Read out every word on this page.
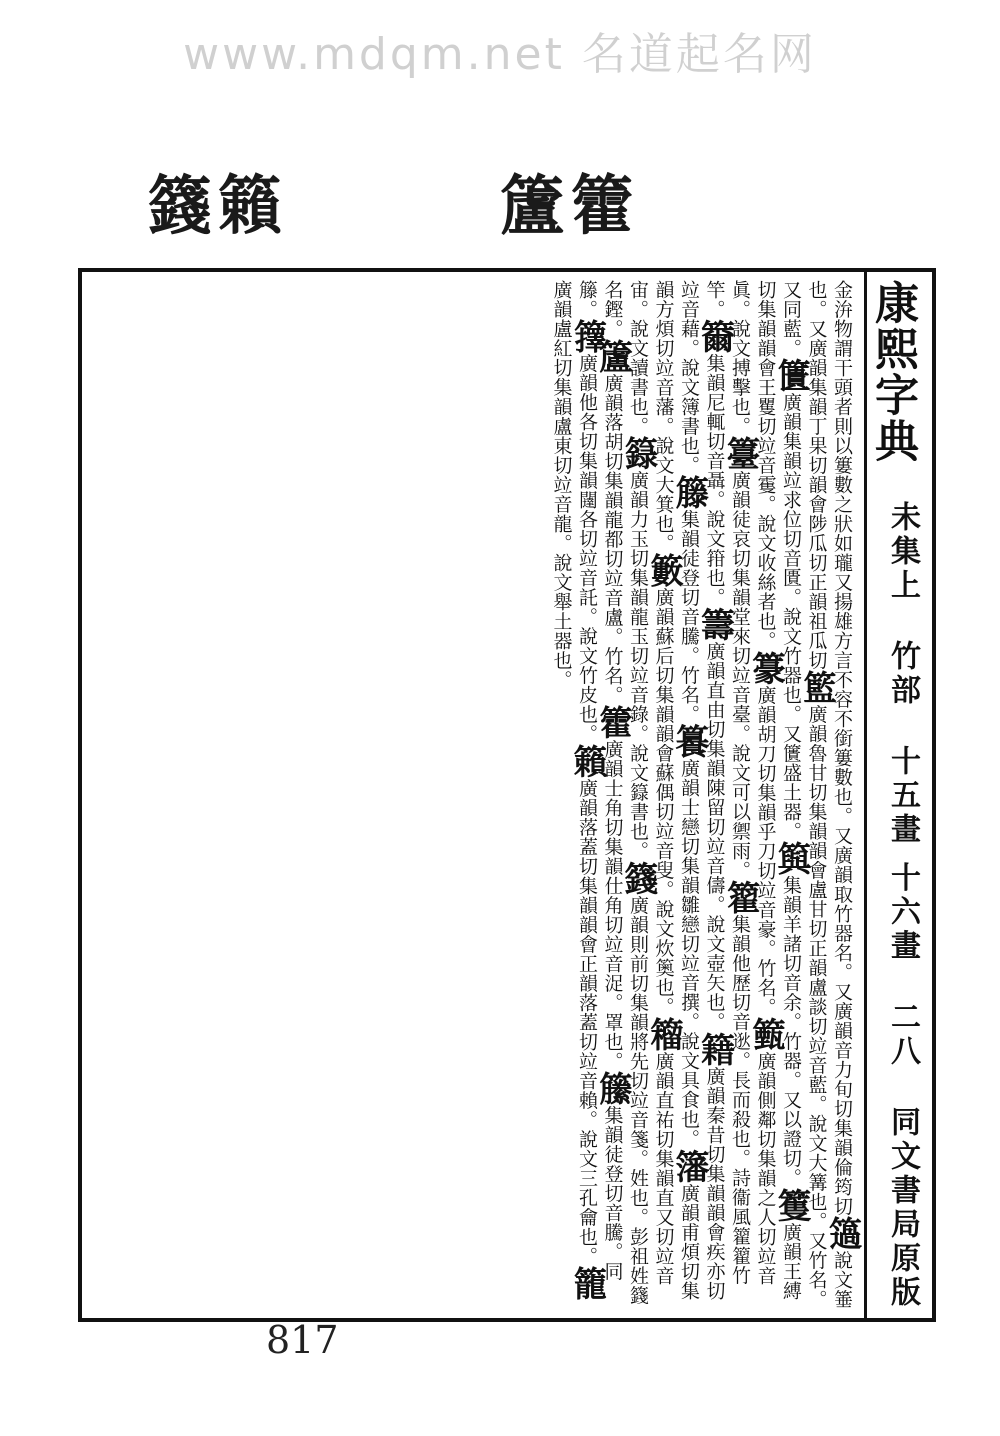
www.mdqm.net 名道起名网
籛 籟	籚 籗
康熙字典
未集上
竹部
十五畫 十六畫
二八
同文書局原版
金㳎物謂干頭者則以簍數之狀如瓏又揚雄方言不容不銜簍數也。又廣韻取竹器名。又廣韻音力旬切集韻倫筠切簻說文箠也。又廣韻集韻丁果切韻會陟瓜切正韻祖瓜切籃廣韻魯甘切集韻韻會盧甘切正韻盧談切竝音藍。說文大篝也。又竹名。又同藍。籄廣韻集韻竝求位切音匱。說文竹器也。又籄盛土器。籅集韻羊諸切音余。竹器。又以證切。籆廣韻王縛切集韻韻會王矍切竝音䨥。說文收絲者也。籇廣韻胡刀切集韻乎刀切竝音豪。竹名。籈廣韻側鄰切集韻之人切竝音眞。說文搏擊也。籉廣韻徒哀切集韻堂來切竝音臺。說文可以禦雨。籊集韻他歷切音逖。長而殺也。詩衞風籊籊竹竿。籋集韻尼輒切音聶。說文箝也。籌廣韻直由切集韻陳留切竝音儔。說文壺矢也。籍廣韻秦昔切集韻韻會疾亦切竝音藉。說文簿書也。籐集韻徒登切音騰。竹名。籑廣韻士戀切集韻雛戀切竝音撰。說文具食也。籓廣韻甫煩切集韻方煩切竝音藩。說文大箕也。籔廣韻蘇后切集韻韻會蘇偶切竝音叟。說文炊䉛也。籕廣韻直祐切集韻直又切竝音宙。說文讀書也。籙廣韻力玉切集韻龍玉切竝音錄。說文籙書也。籛廣韻則前切集韻將先切竝音箋。姓也。彭祖姓籛名鏗。籚廣韻落胡切集韻龍都切竝音盧。竹名。籗廣韻士角切集韻仕角切竝音浞。罩也。籘集韻徒登切音騰。同籐。籜廣韻他各切集韻闥各切竝音託。說文竹皮也。籟廣韻落蓋切集韻韻會正韻落蓋切竝音賴。說文三孔龠也。籠廣韻盧紅切集韻盧東切竝音龍。說文舉土器也。
817
